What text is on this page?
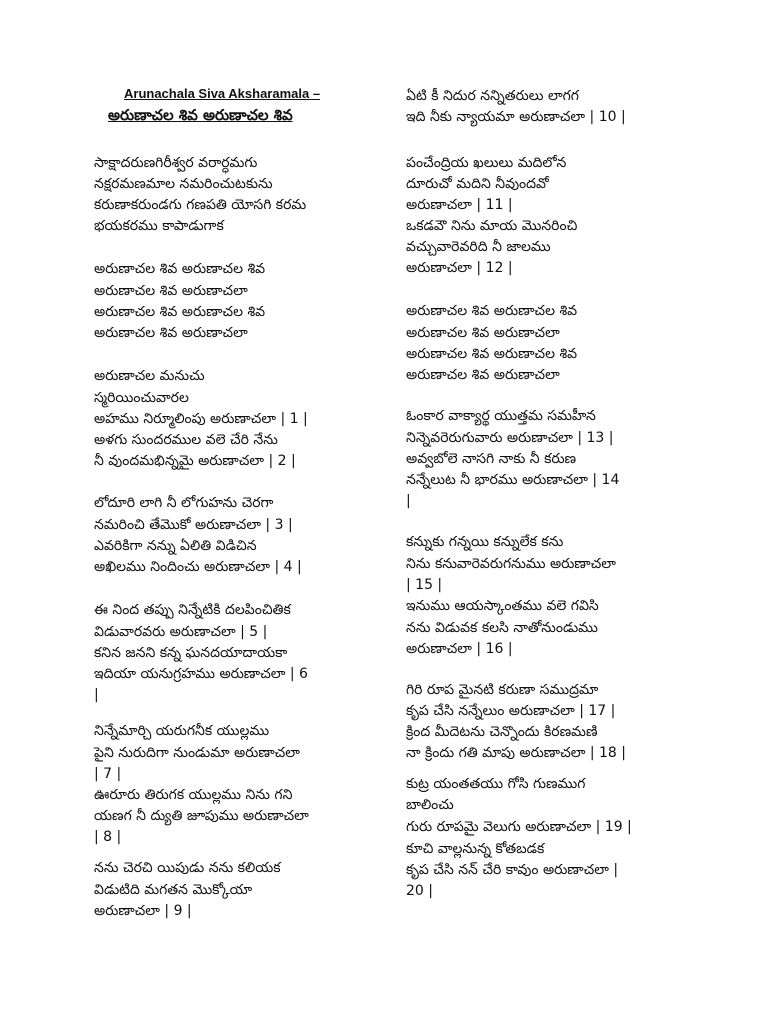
Arunachala Siva Aksharamala –
అరుణాచల శివ అరుణాచల శివ
సాక్షాదరుణగిరీశ్వర వరార్ధమగు
నక్షరమణమాల నమరించుటకును
కరుణాకరుండగు గణపతి యోసగి కరమ
భయకరము కాపాడుగాక
అరుణాచల శివ అరుణాచల శివ
అరుణాచల శివ అరుణాచలా
అరుణాచల శివ అరుణాచల శివ
అరుణాచల శివ అరుణాచలా
అరుణాచల మనుచు
స్మరియించువారల
అహము నిర్మూలింపు అరుణాచలా | 1 |
అళగు సుందరముల వలె చేరి నేను
నీ వుందమభిన్నమై అరుణాచలా | 2 |
లోదూరి లాగి నీ లోగుహను చెరగా
నమరించి తేమొకో అరుణాచలా | 3 |
ఎవరికిగా నన్ను ఏలితి విడిచిన
అఖిలము నిందించు అరుణాచలా | 4 |
ఈ నింద తప్పు నిన్నేటికి దలపించితిక
విడువారవరు అరుణాచలా | 5 |
కనిన జనని కన్న ఘనదయాదాయకా
ఇదియా యనుగ్రహము అరుణాచలా | 6
|
నిన్నేమార్చి యరుగనీక యుల్లము
పైని నురుదిగా నుండుమా అరుణాచలా
| 7 |
ఊరూరు తిరుగక యుల్లము నిను గని
యణగ నీ ద్యుతి జూపుము అరుణాచలా
| 8 |
నను చెరచి యిపుడు నను కలియక
విడుటిది మగతన మొక్కోయా
అరుణాచలా | 9 |
ఏటి కీ నిదుర నన్నితరులు లాగగ
ఇది నీకు న్యాయమా అరుణాచలా | 10 |
పంచేంద్రియ ఖలులు మదిలోన
దూరుచో మదిని నీవుందవో
అరుణాచలా | 11 |
ఒకడవౌ నిను మాయ మొనరించి
వచ్చువారెవరిది నీ జాలము
అరుణాచలా | 12 |
అరుణాచల శివ అరుణాచల శివ
అరుణాచల శివ అరుణాచలా
అరుణాచల శివ అరుణాచల శివ
అరుణాచల శివ అరుణాచలా
ఓంకార వాక్యార్థ యుత్తమ సమహీన
నిన్నెవరెరుగువారు అరుణాచలా | 13 |
అవ్వబోలె నాసగి నాకు నీ కరుణ
నన్నేలుట నీ భారము అరుణాచలా | 14
|
కన్నుకు గన్నయి కన్నులేక కను
నిను కనువారెవరుగనుము అరుణాచలా
| 15 |
ఇనుము ఆయస్కాంతము వలె గవిసి
నను విడువక కలసి నాతోనుండుము
అరుణాచలా | 16 |
గిరి రూప మైనటి కరుణా సముద్రమా
కృప చేసి నన్నేలుం అరుణాచలా | 17 |
క్రింద మీదెటను చెన్నొందు కిరణమణి
నా క్రిందు గతి మాపు అరుణాచలా | 18 |
కుట్ర యంతతయు గోసి గుణముగ
బాలించు
గురు రూపమై వెలుగు అరుణాచలా | 19 |
కూచి వాల్లనున్న కోతబడక
కృప చేసి నన్ చేరి కావుం అరుణాచలా |
20 |
